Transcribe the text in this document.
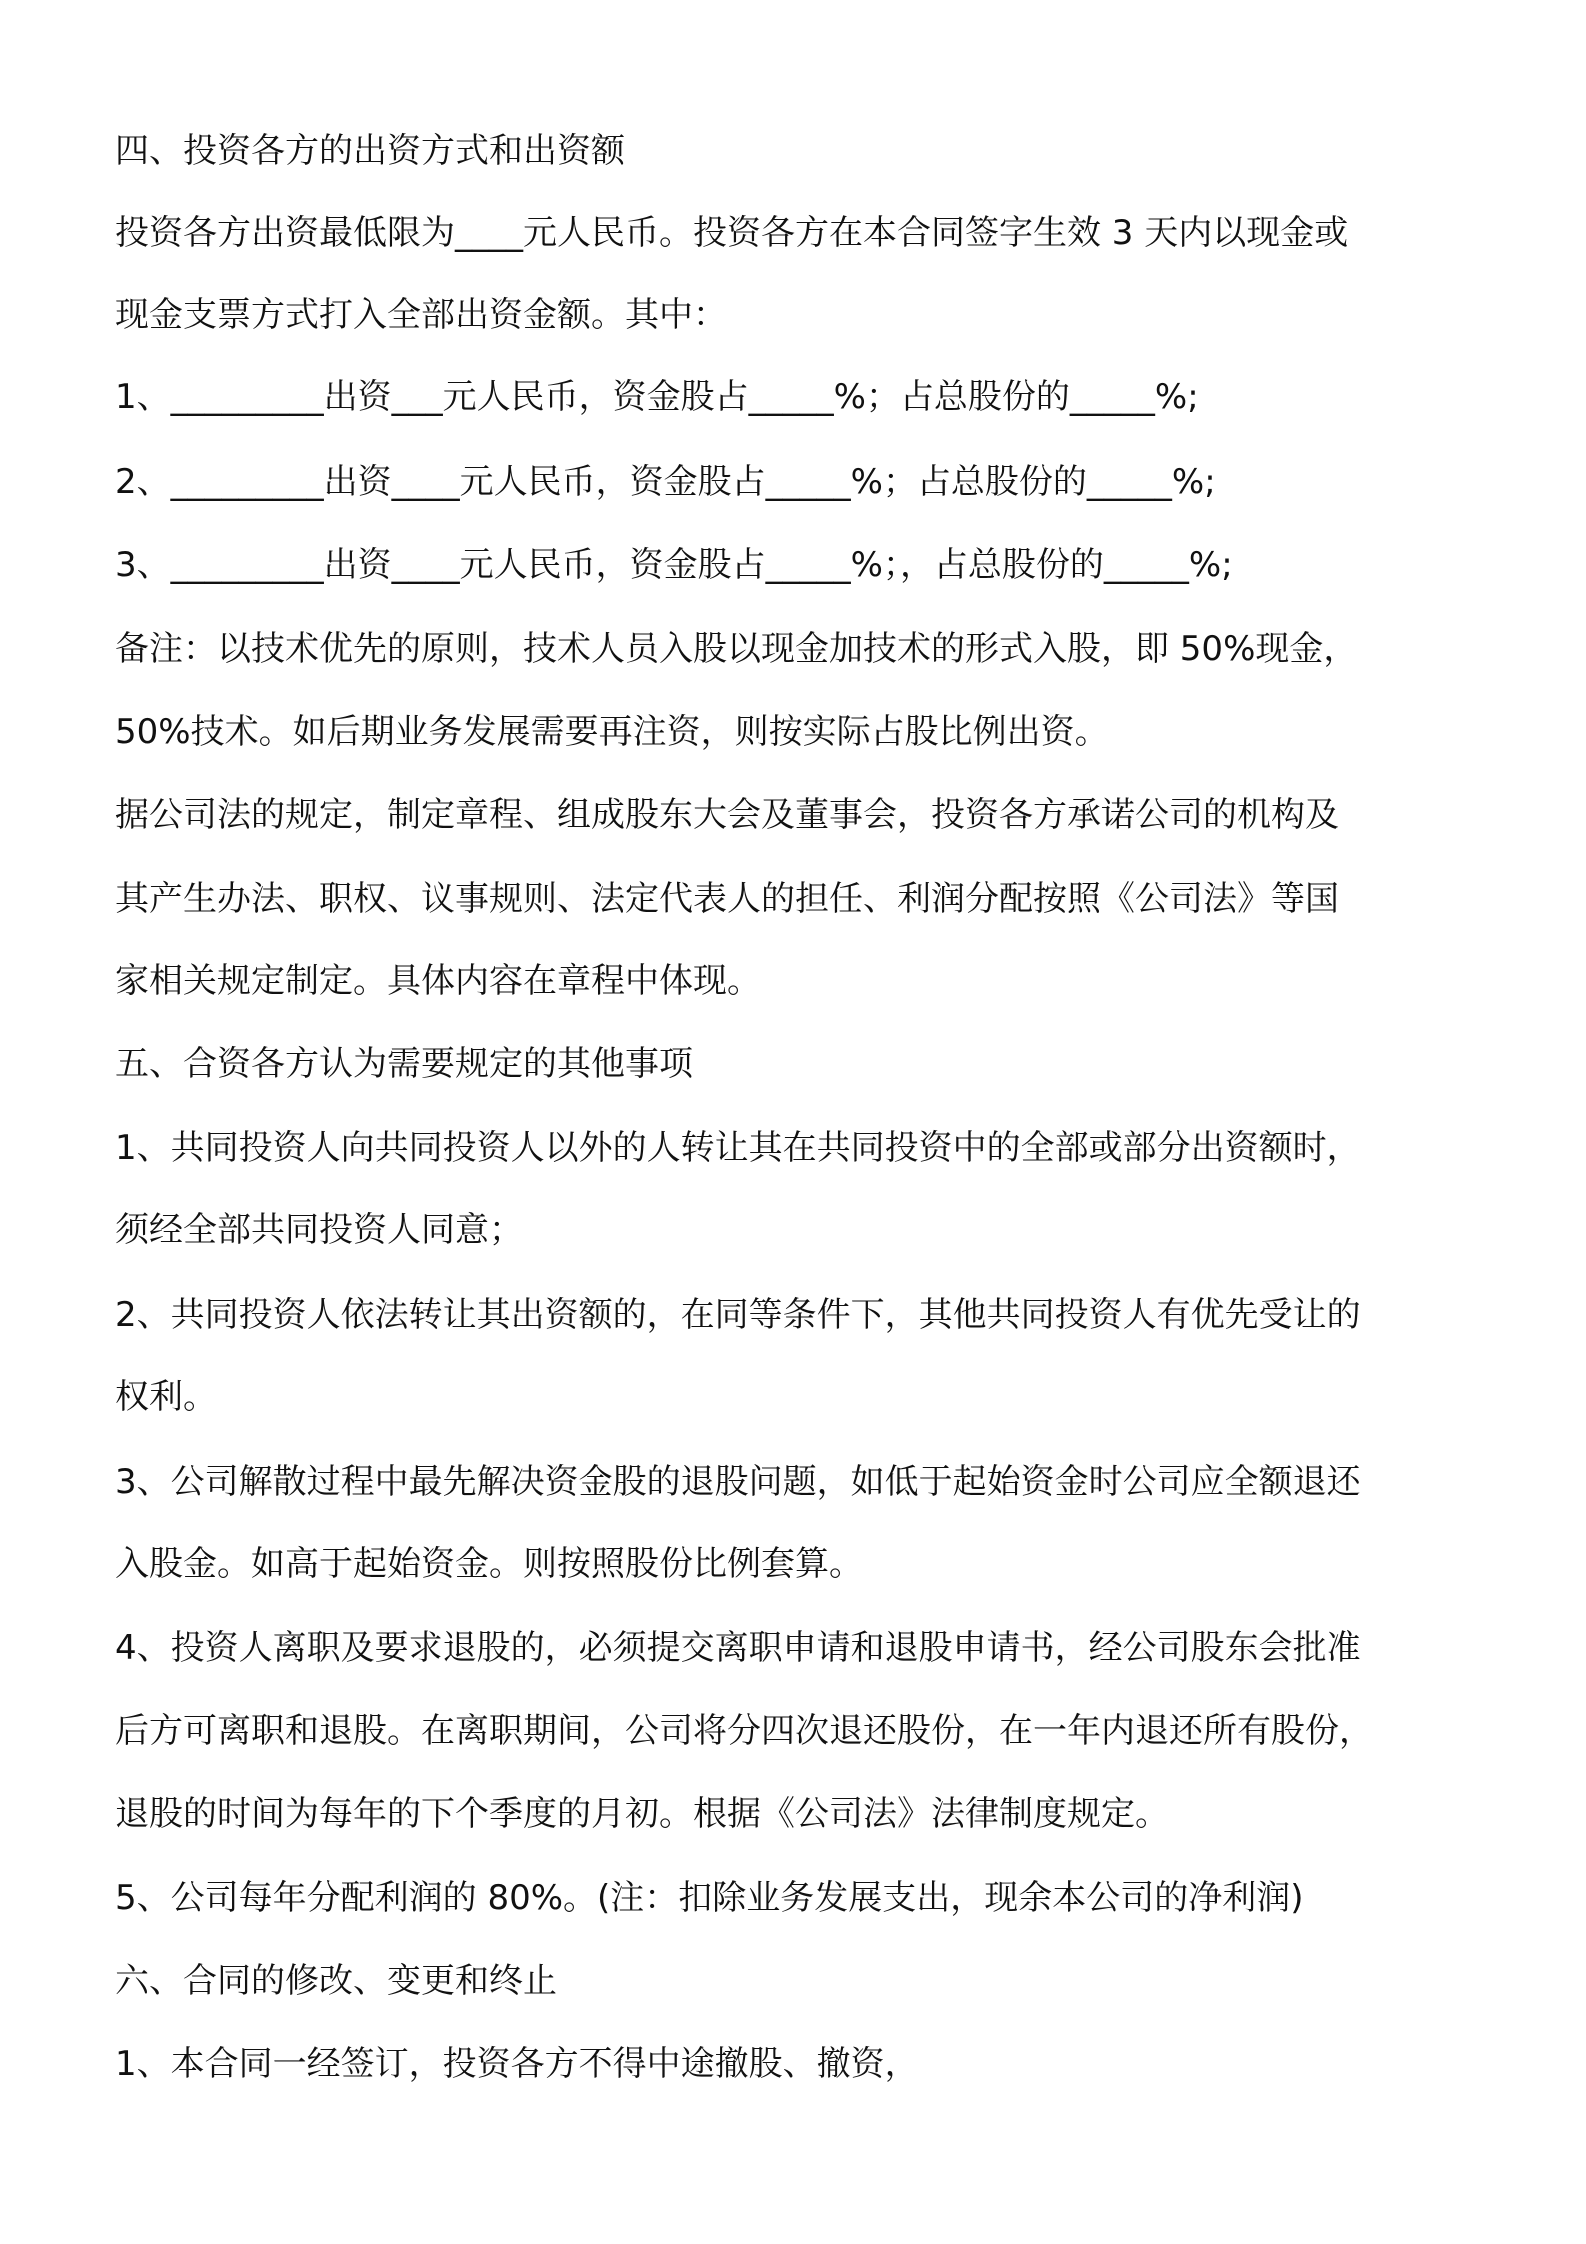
四、投资各方的出资方式和出资额
投资各方出资最低限为____元人民币。投资各方在本合同签字生效 3 天内以现金或
现金支票方式打入全部出资金额。其中：
1、_________出资___元人民币，资金股占_____%；占总股份的_____%;
2、_________出资____元人民币，资金股占_____%；占总股份的_____%;
3、_________出资____元人民币，资金股占_____%；，占总股份的_____%;
备注：以技术优先的原则，技术人员入股以现金加技术的形式入股，即 50%现金，
50%技术。如后期业务发展需要再注资，则按实际占股比例出资。
据公司法的规定，制定章程、组成股东大会及董事会，投资各方承诺公司的机构及
其产生办法、职权、议事规则、法定代表人的担任、利润分配按照《公司法》等国
家相关规定制定。具体内容在章程中体现。
五、合资各方认为需要规定的其他事项
1、共同投资人向共同投资人以外的人转让其在共同投资中的全部或部分出资额时，
须经全部共同投资人同意；
2、共同投资人依法转让其出资额的，在同等条件下，其他共同投资人有优先受让的
权利。
3、公司解散过程中最先解决资金股的退股问题，如低于起始资金时公司应全额退还
入股金。如高于起始资金。则按照股份比例套算。
4、投资人离职及要求退股的，必须提交离职申请和退股申请书，经公司股东会批准
后方可离职和退股。在离职期间，公司将分四次退还股份，在一年内退还所有股份，
退股的时间为每年的下个季度的月初。根据《公司法》法律制度规定。
5、公司每年分配利润的 80%。(注：扣除业务发展支出，现余本公司的净利润)
六、合同的修改、变更和终止
1、本合同一经签订，投资各方不得中途撤股、撤资，
